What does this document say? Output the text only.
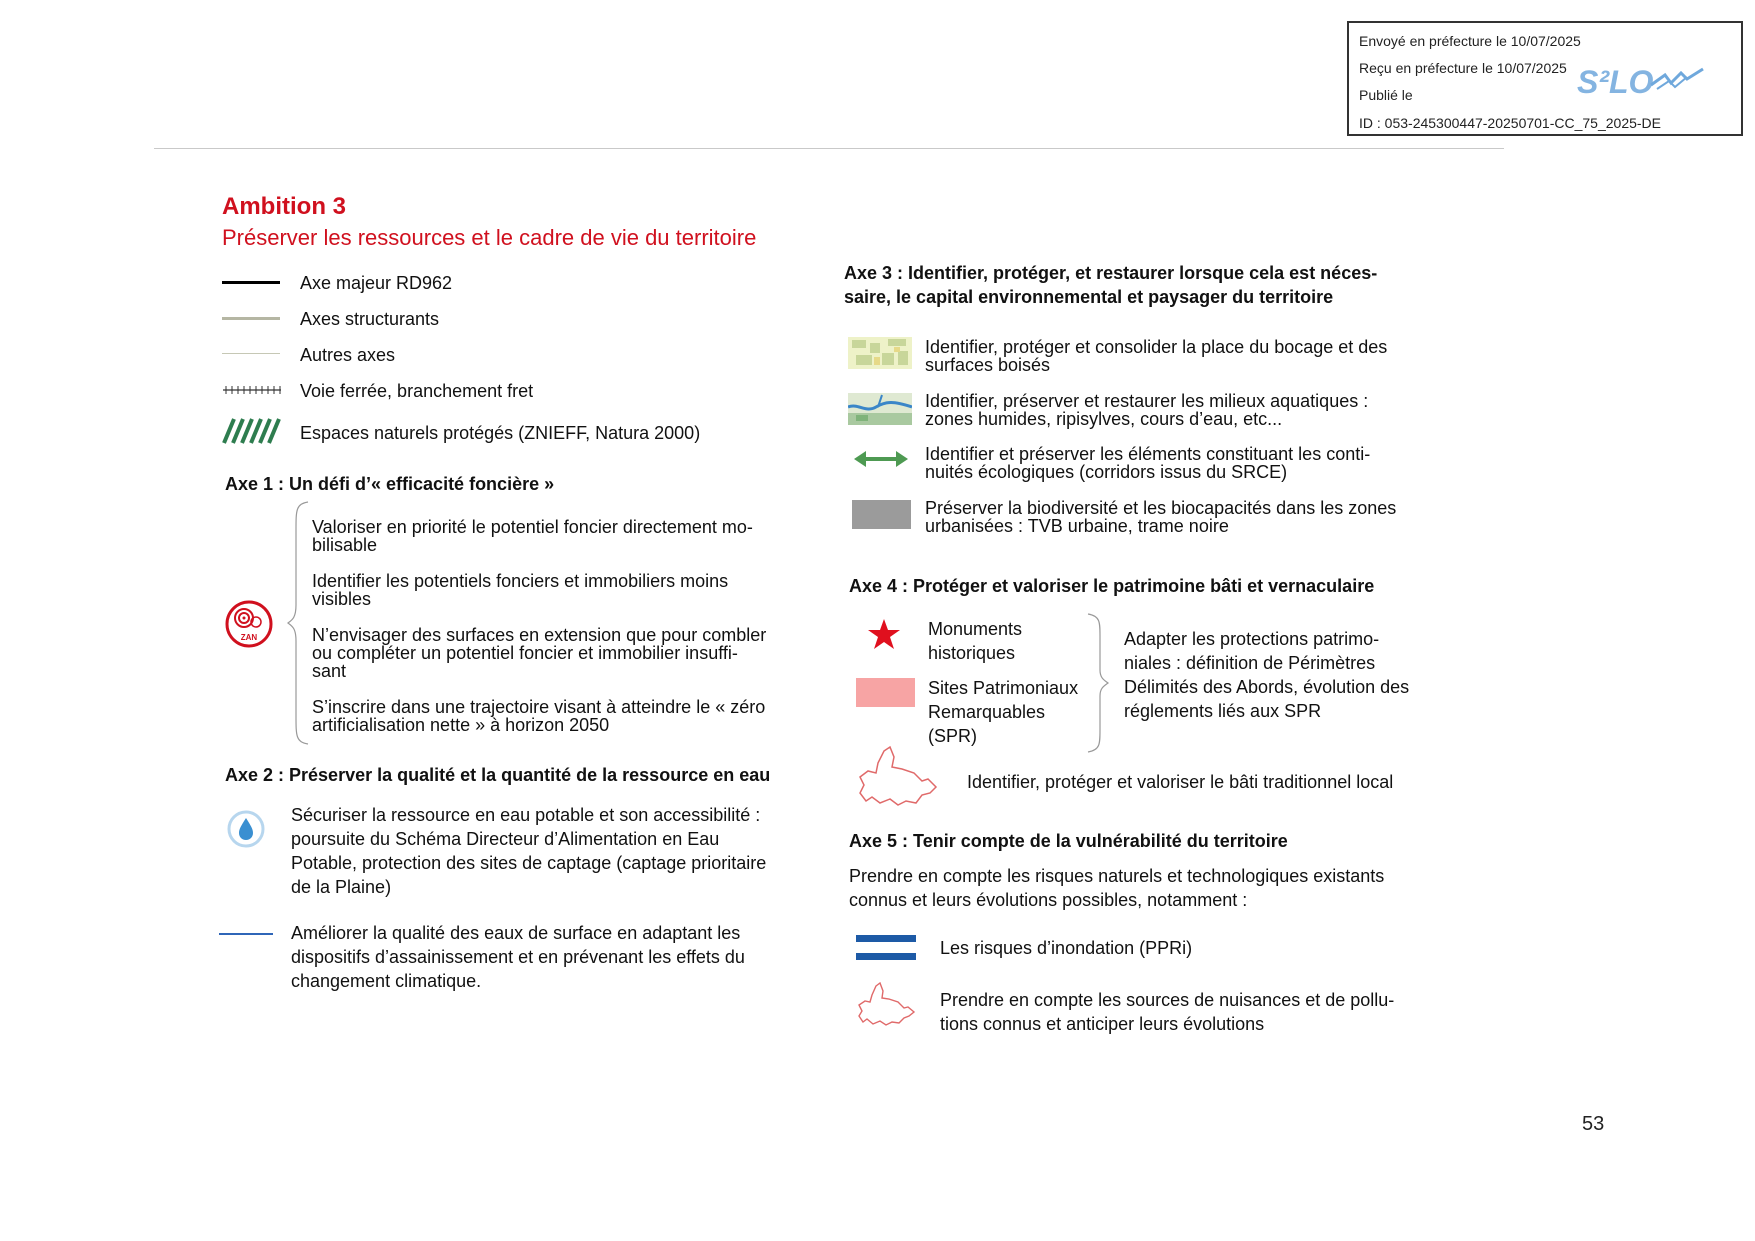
Envoyé en préfecture le 10/07/2025
Reçu en préfecture le 10/07/2025
Publié le
ID : 053-245300447-20250701-CC_75_2025-DE
S²LO
Ambition 3
Préserver les ressources et le cadre de vie du territoire
Axe majeur RD962
Axes structurants
Autres axes
Voie ferrée, branchement fret
Espaces naturels protégés (ZNIEFF, Natura 2000)
Axe 1 : Un défi d’« efficacité foncière »
ZAN
Valoriser en priorité le potentiel foncier directement mo-
bilisable
Identifier les potentiels fonciers et immobiliers moins
visibles
N’envisager des surfaces en extension que pour combler
ou compléter un potentiel foncier et immobilier insuffi-
sant
S’inscrire dans une trajectoire visant à atteindre le « zéro
artificialisation nette » à horizon 2050
Axe 2 : Préserver la qualité et la quantité de la ressource en eau
Sécuriser la ressource en eau potable et son accessibilité :
poursuite du Schéma Directeur d’Alimentation en Eau
Potable, protection des sites de captage (captage prioritaire
de la Plaine)
Améliorer la qualité des eaux de surface en adaptant les
dispositifs d’assainissement et en prévenant les effets du
changement climatique.
Axe 3 : Identifier, protéger, et restaurer lorsque cela est néces-
saire, le capital environnemental et paysager du territoire
Identifier, protéger et consolider la place du bocage et des
surfaces boisés
Identifier, préserver et restaurer les milieux aquatiques :
zones humides, ripisylves, cours d’eau, etc...
Identifier et préserver les éléments constituant les conti-
nuités écologiques (corridors issus du SRCE)
Préserver la biodiversité et les biocapacités dans les zones
urbanisées : TVB urbaine, trame noire
Axe 4 : Protéger et valoriser le patrimoine bâti et vernaculaire
Monuments
historiques
Sites Patrimoniaux
Remarquables
(SPR)
Adapter les protections patrimo-
niales : définition de Périmètres
Délimités des Abords, évolution des
réglements liés aux SPR
Identifier, protéger et valoriser le bâti traditionnel local
Axe 5 : Tenir compte de la vulnérabilité du territoire
Prendre en compte les risques naturels et technologiques existants
connus et leurs évolutions possibles, notamment :
Les risques d’inondation (PPRi)
Prendre en compte les sources de nuisances et de pollu-
tions connus et anticiper leurs évolutions
53
